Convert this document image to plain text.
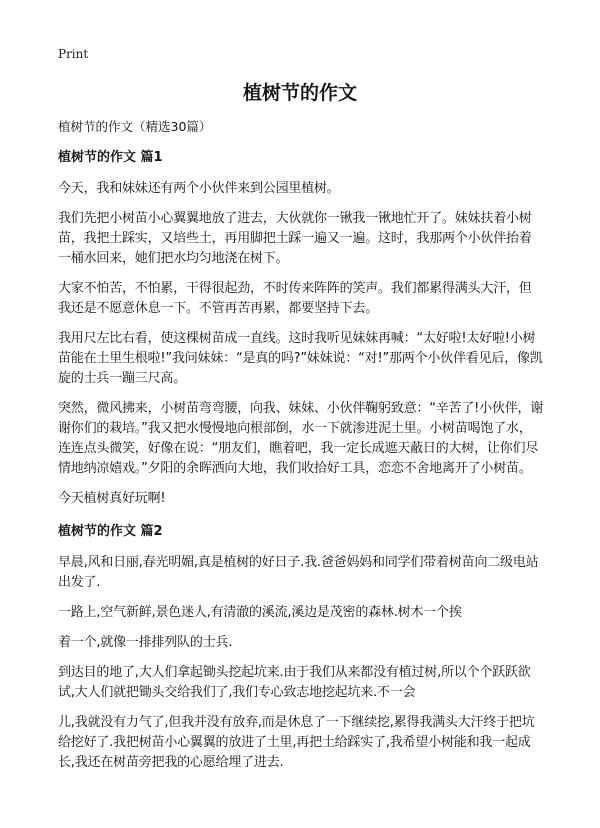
Print
植树节的作文
植树节的作文（精选30篇）
植树节的作文 篇1

今天，我和妹妹还有两个小伙伴来到公园里植树。

我们先把小树苗小心翼翼地放了进去，大伙就你一锹我一锹地忙开了。妹妹扶着小树苗，我把土踩实，又培些土，再用脚把土踩一遍又一遍。这时，我那两个小伙伴抬着一桶水回来，她们把水均匀地浇在树下。

大家不怕苦，不怕累，干得很起劲，不时传来阵阵的笑声。我们都累得满头大汗，但我还是不愿意休息一下。不管再苦再累，都要坚持下去。

我用尺左比右看，使这棵树苗成一直线。这时我听见妹妹再喊：“太好啦!太好啦!小树苗能在土里生根啦!”我问妹妹：“是真的吗?”妹妹说：“对!”那两个小伙伴看见后，像凯旋的士兵一蹦三尺高。

突然，微风拂来，小树苗弯弯腰，向我、妹妹、小伙伴鞠躬致意：“辛苦了!小伙伴，谢谢你们的栽培。”我又把水慢慢地向根部倒，水一下就渗进泥土里。小树苗喝饱了水，连连点头微笑，好像在说：“朋友们，瞧着吧，我一定长成遮天蔽日的大树，让你们尽情地纳凉嬉戏。”夕阳的余晖洒向大地，我们收拾好工具，恋恋不舍地离开了小树苗。

今天植树真好玩啊!

植树节的作文 篇2

早晨,风和日丽,春光明媚,真是植树的好日子.我.爸爸妈妈和同学们带着树苗向二级电站出发了.

一路上,空气新鲜,景色迷人,有清澈的溪流,溪边是茂密的森林.树木一个挨

着一个,就像一排排列队的士兵.

到达目的地了,大人们拿起锄头挖起坑来.由于我们从来都没有植过树,所以个个跃跃欲试,大人们就把锄头交给我们了,我们专心致志地挖起坑来.不一会

儿,我就没有力气了,但我并没有放弃,而是休息了一下继续挖,累得我满头大汗终于把坑给挖好了.我把树苗小心翼翼的放进了土里,再把土给踩实了,我希望小树能和我一起成长,我还在树苗旁把我的心愿给埋了进去.
